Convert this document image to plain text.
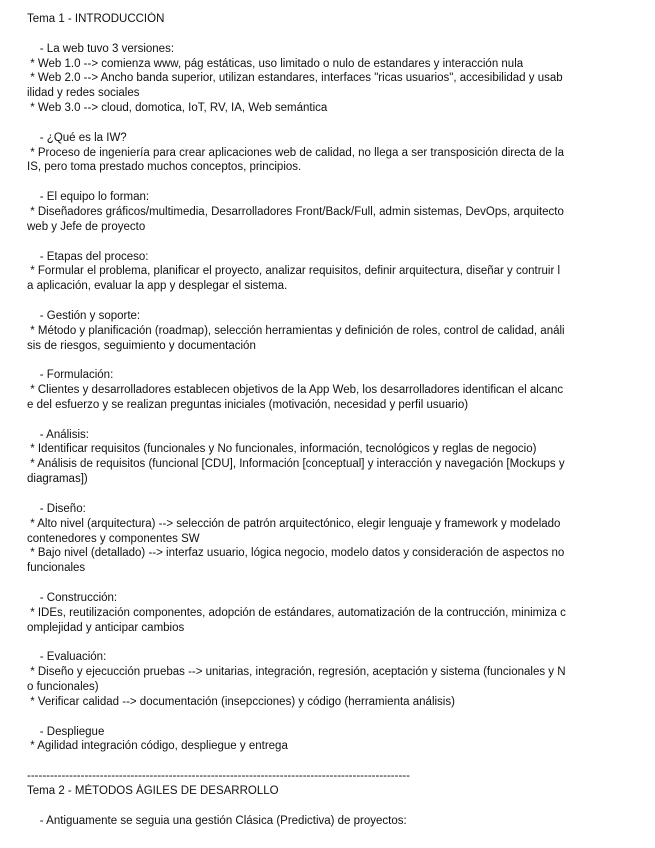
Tema 1 - INTRODUCCIÓN
- La web tuvo 3 versiones:
* Web 1.0 --> comienza www, pág estáticas, uso limitado o nulo de estandares y interacción nula
* Web 2.0 --> Ancho banda superior, utilizan estandares, interfaces "ricas usuarios", accesibilidad y usab
ilidad y redes sociales
* Web 3.0 --> cloud, domotica, IoT, RV, IA, Web semántica
- ¿Qué es la IW?
* Proceso de ingeniería para crear aplicaciones web de calidad, no llega a ser transposición directa de la
IS, pero toma prestado muchos conceptos, principios.
- El equipo lo forman:
* Diseñadores gráficos/multimedia, Desarrolladores Front/Back/Full, admin sistemas, DevOps, arquitecto
web y Jefe de proyecto
- Etapas del proceso:
* Formular el problema, planificar el proyecto, analizar requisitos, definir arquitectura, diseñar y contruir l
a aplicación, evaluar la app y desplegar el sistema.
- Gestión y soporte:
* Método y planificación (roadmap), selección herramientas y definición de roles, control de calidad, análi
sis de riesgos, seguimiento y documentación
- Formulación:
* Clientes y desarrolladores establecen objetivos de la App Web, los desarrolladores identifican el alcanc
e del esfuerzo y se realizan preguntas iniciales (motivación, necesidad y perfil usuario)
- Análisis:
* Identificar requisitos (funcionales y No funcionales, información, tecnológicos y reglas de negocio)
* Análisis de requisitos (funcional [CDU], Información [conceptual] y interacción y navegación [Mockups y
diagramas])
- Diseño:
* Alto nivel (arquitectura) --> selección de patrón arquitectónico, elegir lenguaje y framework y modelado
contenedores y componentes SW
* Bajo nivel (detallado) --> interfaz usuario, lógica negocio, modelo datos y consideración de aspectos no
funcionales
- Construcción:
* IDEs, reutilización componentes, adopción de estándares, automatización de la contrucción, minimiza c
omplejidad y anticipar cambios
- Evaluación:
* Diseño y ejecucción pruebas --> unitarias, integración, regresión, aceptación y sistema (funcionales y N
o funcionales)
* Verificar calidad --> documentación (insepcciones) y código (herramienta análisis)
- Despliegue
* Agilidad integración código, despliegue y entrega
----------------------------------------------------------------------------------------------------
Tema 2 - MÉTODOS ÁGILES DE DESARROLLO
- Antiguamente se seguia una gestión Clásica (Predictiva) de proyectos:
